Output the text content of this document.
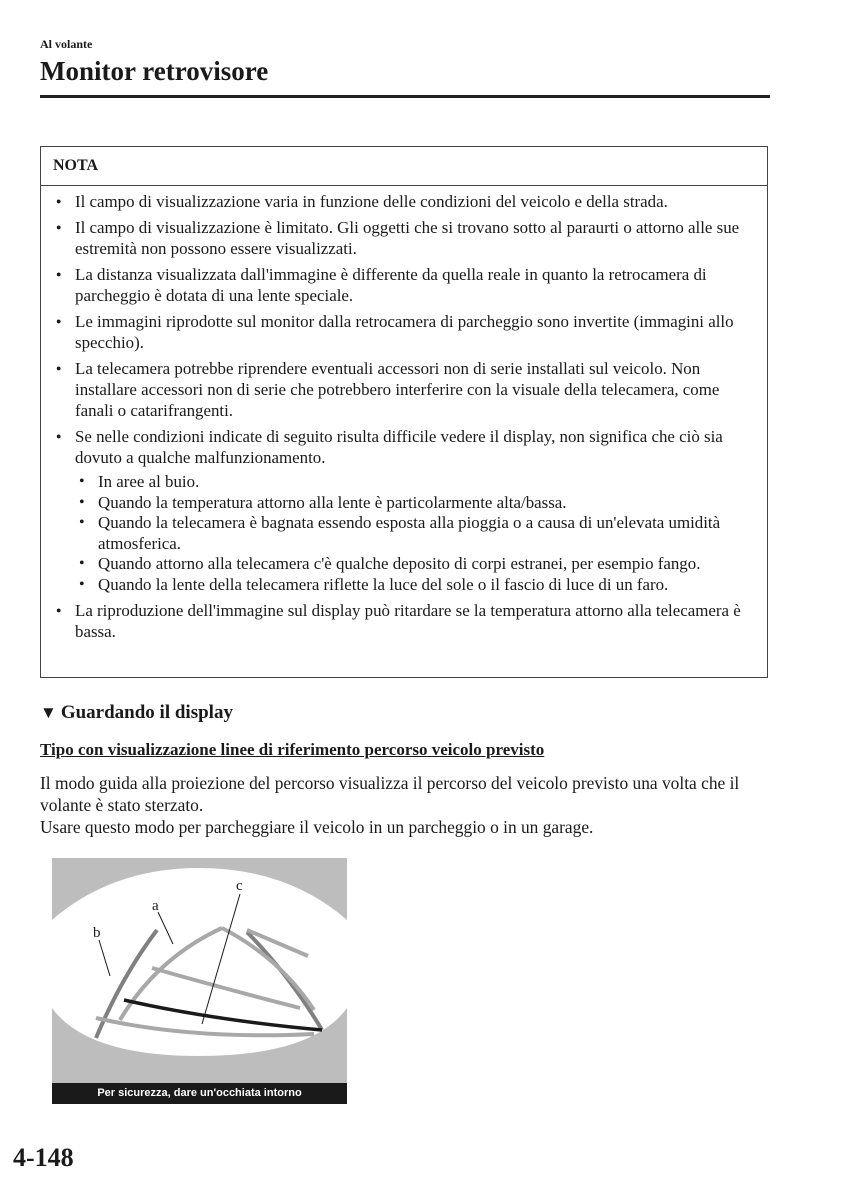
Al volante
Monitor retrovisore
NOTA
● Il campo di visualizzazione varia in funzione delle condizioni del veicolo e della strada.
● Il campo di visualizzazione è limitato. Gli oggetti che si trovano sotto al paraurti o attorno alle sue estremità non possono essere visualizzati.
● La distanza visualizzata dall'immagine è differente da quella reale in quanto la retrocamera di parcheggio è dotata di una lente speciale.
● Le immagini riprodotte sul monitor dalla retrocamera di parcheggio sono invertite (immagini allo specchio).
● La telecamera potrebbe riprendere eventuali accessori non di serie installati sul veicolo. Non installare accessori non di serie che potrebbero interferire con la visuale della telecamera, come fanali o catarifrangenti.
● Se nelle condizioni indicate di seguito risulta difficile vedere il display, non significa che ciò sia dovuto a qualche malfunzionamento.
• In aree al buio.
• Quando la temperatura attorno alla lente è particolarmente alta/bassa.
• Quando la telecamera è bagnata essendo esposta alla pioggia o a causa di un'elevata umidità atmosferica.
• Quando attorno alla telecamera c'è qualche deposito di corpi estranei, per esempio fango.
• Quando la lente della telecamera riflette la luce del sole o il fascio di luce di un faro.
● La riproduzione dell'immagine sul display può ritardare se la temperatura attorno alla telecamera è bassa.
▼ Guardando il display
Tipo con visualizzazione linee di riferimento percorso veicolo previsto

Il modo guida alla proiezione del percorso visualizza il percorso del veicolo previsto una volta che il volante è stato sterzato.

Usare questo modo per parcheggiare il veicolo in un parcheggio o in un garage.

a
b
c
Per sicurezza, dare un'occhiata intorno
4-148
